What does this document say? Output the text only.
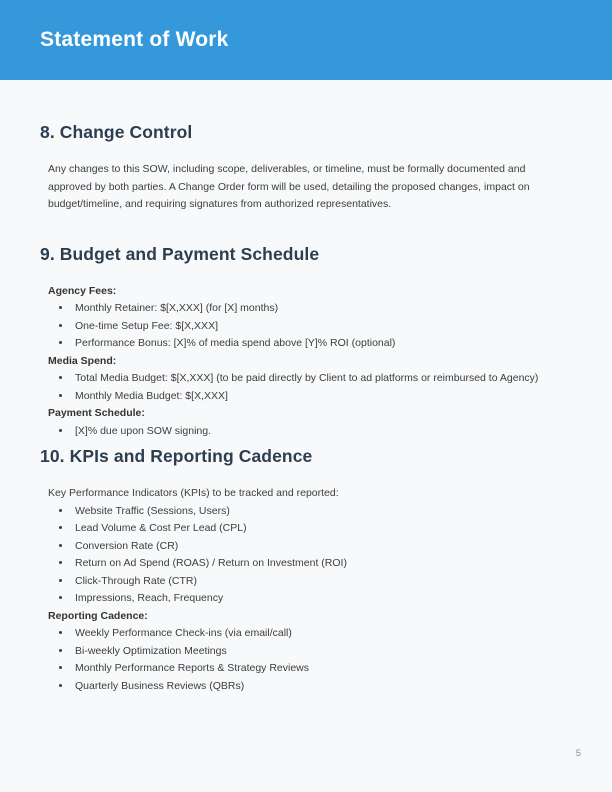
Statement of Work
8. Change Control

Any changes to this SOW, including scope, deliverables, or timeline, must be formally documented and approved by both parties. A Change Order form will be used, detailing the proposed changes, impact on budget/timeline, and requiring signatures from authorized representatives.

9. Budget and Payment Schedule

Agency Fees:

• Monthly Retainer: $[X,XXX] (for [X] months)
• One-time Setup Fee: $[X,XXX]
• Performance Bonus: [X]% of media spend above [Y]% ROI (optional)

Media Spend:

• Total Media Budget: $[X,XXX] (to be paid directly by Client to ad platforms or reimbursed to Agency)
• Monthly Media Budget: $[X,XXX]

Payment Schedule:

• [X]% due upon SOW signing.
10. KPIs and Reporting Cadence

Key Performance Indicators (KPIs) to be tracked and reported:

• Website Traffic (Sessions, Users)
• Lead Volume & Cost Per Lead (CPL)
• Conversion Rate (CR)
• Return on Ad Spend (ROAS) / Return on Investment (ROI)
• Click-Through Rate (CTR)
• Impressions, Reach, Frequency

Reporting Cadence:

• Weekly Performance Check-ins (via email/call)
• Bi-weekly Optimization Meetings
• Monthly Performance Reports & Strategy Reviews
• Quarterly Business Reviews (QBRs)
5
